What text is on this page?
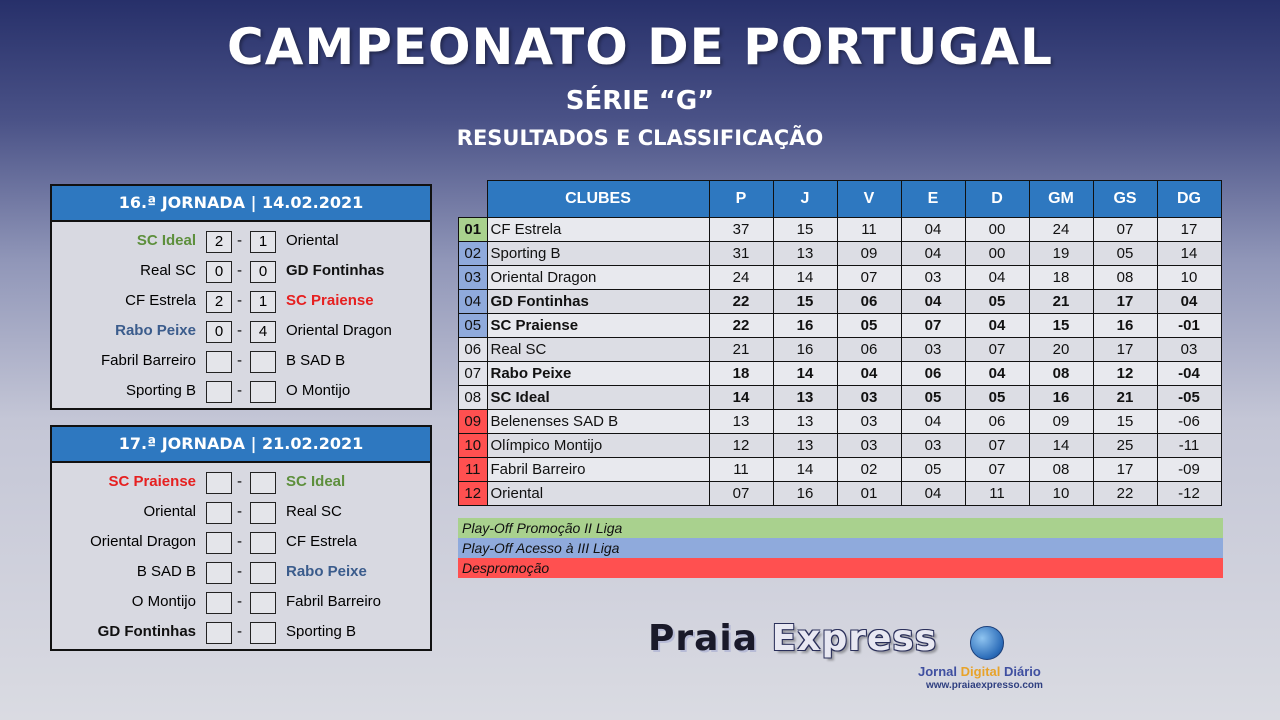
CAMPEONATO DE PORTUGAL
SÉRIE “G”
RESULTADOS E CLASSIFICAÇÃO
16.ª JORNADA | 14.02.2021
SC Ideal	2 -	1	Oriental
Real SC	0 -	0	GD Fontinhas
CF Estrela	2 -	1	SC Praiense
Rabo Peixe	0 -	4	Oriental Dragon
Fabril Barreiro	-	B SAD B
Sporting B	-	O Montijo
17.ª JORNADA | 21.02.2021
SC Praiense	-	SC Ideal
Oriental	-	Real SC
Oriental Dragon	-	CF Estrela
B SAD B	-	Rabo Peixe
O Montijo	-	Fabril Barreiro
GD Fontinhas	-	Sporting B
	CLUBES	P	J	V	E	D	GM	GS	DG
01	CF Estrela	37	15	11	04	00	24	07	17
02	Sporting B	31	13	09	04	00	19	05	14
03	Oriental Dragon	24	14	07	03	04	18	08	10
04	GD Fontinhas	22	15	06	04	05	21	17	04
05	SC Praiense	22	16	05	07	04	15	16	-01
06	Real SC	21	16	06	03	07	20	17	03
07	Rabo Peixe	18	14	04	06	04	08	12	-04
08	SC Ideal	14	13	03	05	05	16	21	-05
09	Belenenses SAD B	13	13	03	04	06	09	15	-06
10	Olímpico Montijo	12	13	03	03	07	14	25	-11
11	Fabril Barreiro	11	14	02	05	07	08	17	-09
12	Oriental	07	16	01	04	11	10	22	-12
Play-Off Promoção II Liga
Play-Off Acesso à III Liga
Despromoção
Praia Express
Jornal Digital Diário
www.praiaexpresso.com
